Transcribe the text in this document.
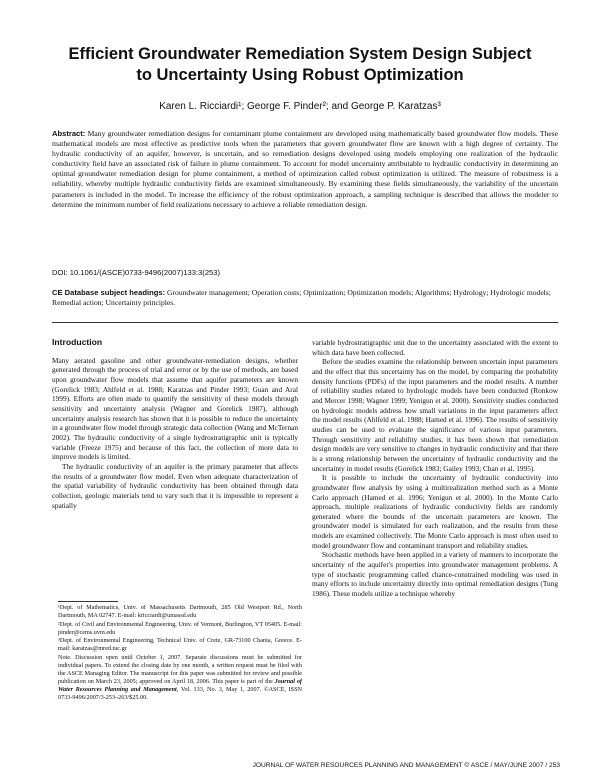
Efficient Groundwater Remediation System Design Subject
to Uncertainty Using Robust Optimization
Karen L. Ricciardi¹; George F. Pinder²; and George P. Karatzas³
Abstract: Many groundwater remediation designs for contaminant plume containment are developed using mathematically based groundwater flow models. These mathematical models are most effective as predictive tools when the parameters that govern groundwater flow are known with a high degree of certainty. The hydraulic conductivity of an aquifer, however, is uncertain, and so remediation designs developed using models employing one realization of the hydraulic conductivity field have an associated risk of failure in plume containment. To account for model uncertainty attributable to hydraulic conductivity in determining an optimal groundwater remediation design for plume containment, a method of optimization called robust optimization is utilized. The measure of robustness is a reliability, whereby multiple hydraulic conductivity fields are examined simultaneously. By examining these fields simultaneously, the variability of the uncertain parameters is included in the model. To increase the efficiency of the robust optimization approach, a sampling technique is described that allows the modeler to determine the minimum number of field realizations necessary to achieve a reliable remediation design.
DOI: 10.1061/(ASCE)0733-9496(2007)133:3(253)
CE Database subject headings: Groundwater management; Operation costs; Optimization; Optimization models; Algorithms; Hydrology; Hydrologic models; Remedial action; Uncertainty principles.
Introduction

Many aerated gasoline and other groundwater-remediation designs, whether generated through the process of trial and error or by the use of methods, are based upon groundwater flow models that assume that aquifer parameters are known (Gorelick 1983; Ahlfeld et al. 1988; Karatzas and Pinder 1993; Guan and Aral 1999). Efforts are often made to quantify the sensitivity of these models through sensitivity and uncertainty analysis (Wagner and Gorelick 1987), although uncertainty analysis research has shown that it is possible to reduce the uncertainty in a groundwater flow model through strategic data collection (Wang and McTernan 2002). The hydraulic conductivity of a single hydrostratigraphic unit is typically variable (Freeze 1975) and because of this fact, the collection of more data to improve models is limited.

The hydraulic conductivity of an aquifer is the primary parameter that affects the results of a groundwater flow model. Even when adequate characterization of the spatial variability of hydraulic conductivity has been obtained through data collection, geologic materials tend to vary such that it is impossible to represent a spatially

variable hydrostratigraphic unit due to the uncertainty associated with the extent to which data have been collected.

Before the studies examine the relationship between uncertain input parameters and the effect that this uncertainty has on the model, by comparing the probability density functions (PDFs) of the input parameters and the model results. A number of reliability studies related to hydrologic models have been conducted (Ronkow and Mercer 1998; Wagner 1999; Yenigun et al. 2000). Sensitivity studies conducted on hydrologic models address how small variations in the input parameters affect the model results (Ahlfeld et al. 1988; Hamed et al. 1996). The results of sensitivity studies can be used to evaluate the significance of various input parameters. Through sensitivity and reliability studies, it has been shown that remediation design models are very sensitive to changes in hydraulic conductivity and that there is a strong relationship between the uncertainty of hydraulic conductivity and the uncertainty in model results (Gorelick 1983; Gailey 1993; Chan et al. 1995).

It is possible to include the uncertainty of hydraulic conductivity into groundwater flow analysis by using a multirealization method such as a Monte Carlo approach (Hamed et al. 1996; Yenigun et al. 2000). In the Monte Carlo approach, multiple realizations of hydraulic conductivity fields are randomly generated where the bounds of the uncertain parameters are known. The groundwater model is simulated for each realization, and the results from these models are examined collectively. The Monte Carlo approach is most often used to model groundwater flow and contaminant transport and reliability studies.

Stochastic methods have been applied in a variety of manners to incorporate the uncertainty of the aquifer's properties into groundwater management problems. A type of stochastic programming called chance-constrained modeling was used in many efforts to include uncertainty directly into optimal remediation designs (Tung 1986). These models utilize a technique whereby

¹Dept. of Mathematics, Univ. of Massachusetts Dartmouth, 285 Old Westport Rd., North Dartmouth, MA 02747. E-mail: kricciardi@umassd.edu

²Dept. of Civil and Environmental Engineering, Univ. of Vermont, Burlington, VT 05405. E-mail: pinder@cems.uvm.edu

³Dept. of Environmental Engineering, Technical Univ. of Crete, GR-73100 Chania, Greece. E-mail: karatzas@mred.tuc.gr

Note. Discussion open until October 1, 2007. Separate discussions must be submitted for individual papers. To extend the closing date by one month, a written request must be filed with the ASCE Managing Editor. The manuscript for this paper was submitted for review and possible publication on March 23, 2005; approved on April 18, 2006. This paper is part of the Journal of Water Resources Planning and Management, Vol. 133, No. 3, May 1, 2007. ©ASCE, ISSN 0733-9496/2007/3-253–263/$25.00.

JOURNAL OF WATER RESOURCES PLANNING AND MANAGEMENT © ASCE / MAY/JUNE 2007 / 253
